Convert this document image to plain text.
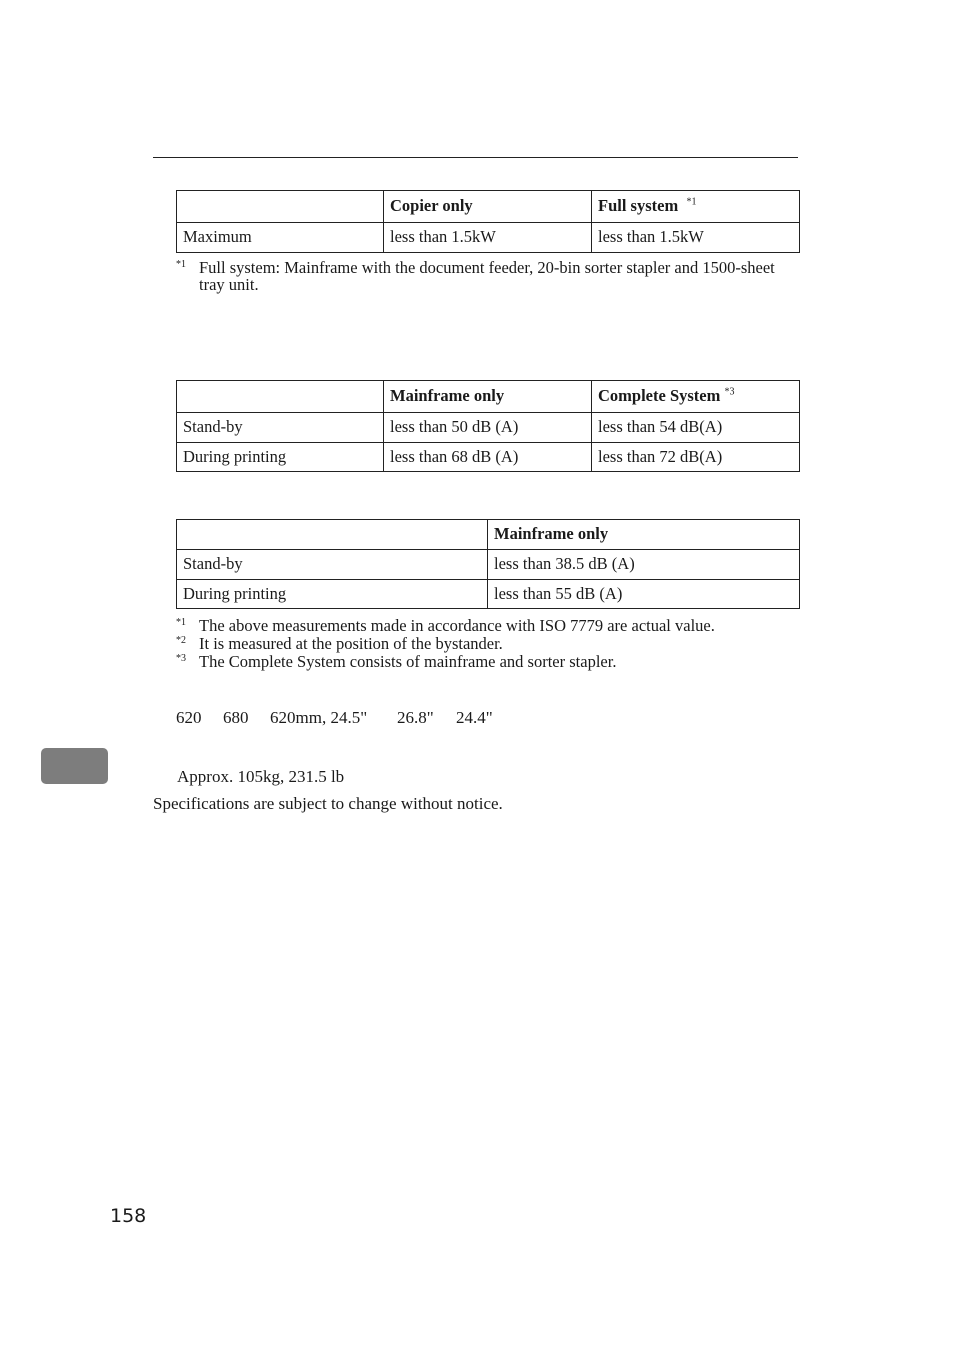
	Copier only	Full system $^{*1}$
Maximum	less than 1.5kW	less than 1.5kW
*1 Full system: Mainframe with the document feeder, 20-bin sorter stapler and 1500-sheet tray unit.
	Mainframe only	Complete System $^{*3}$
Stand-by	less than 50 dB (A)	less than 54 dB(A)
During printing	less than 68 dB (A)	less than 72 dB(A)
	Mainframe only
Stand-by	less than 38.5 dB (A)
During printing	less than 55 dB (A)
*1 The above measurements made in accordance with ISO 7779 are actual value.
*2 It is measured at the position of the bystander.
*3 The Complete System consists of mainframe and sorter stapler.
620 680 620mm, 24.5" 26.8" 24.4"
Approx. 105kg, 231.5 lb
Specifications are subject to change without notice.
158
